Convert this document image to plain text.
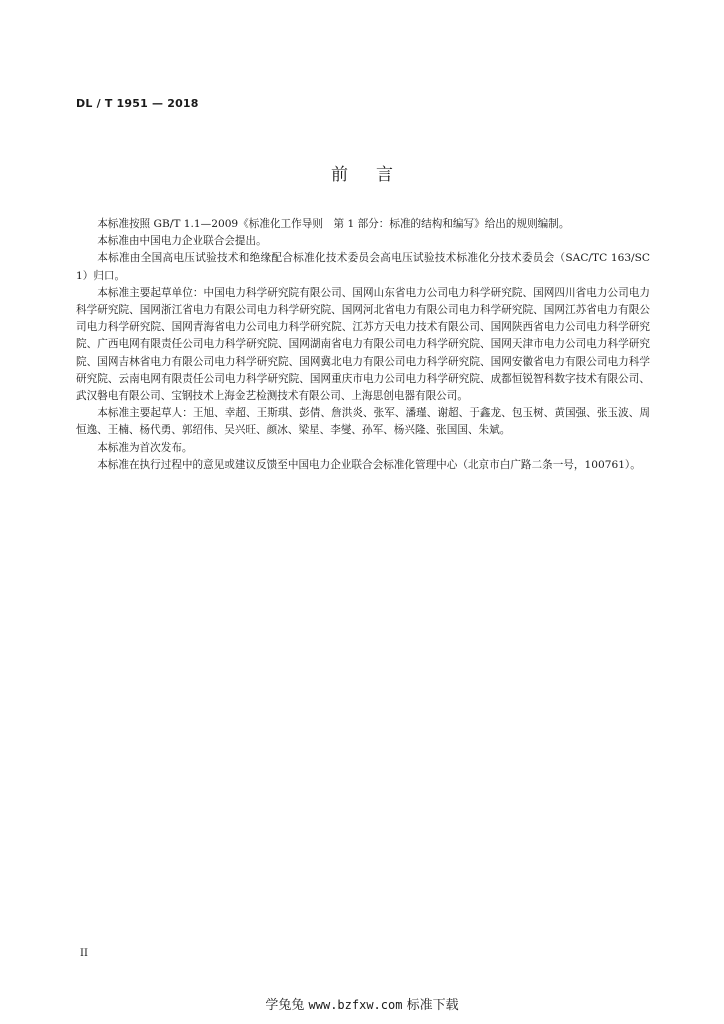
DL / T 1951 — 2018
前言

本标准按照 GB/T 1.1—2009《标准化工作导则　第 1 部分：标准的结构和编写》给出的规则编制。

本标准由中国电力企业联合会提出。

本标准由全国高电压试验技术和绝缘配合标准化技术委员会高电压试验技术标准化分技术委员会（SAC/TC 163/SC 1）归口。

本标准主要起草单位：中国电力科学研究院有限公司、国网山东省电力公司电力科学研究院、国网四川省电力公司电力科学研究院、国网浙江省电力有限公司电力科学研究院、国网河北省电力有限公司电力科学研究院、国网江苏省电力有限公司电力科学研究院、国网青海省电力公司电力科学研究院、江苏方天电力技术有限公司、国网陕西省电力公司电力科学研究院、广西电网有限责任公司电力科学研究院、国网湖南省电力有限公司电力科学研究院、国网天津市电力公司电力科学研究院、国网吉林省电力有限公司电力科学研究院、国网冀北电力有限公司电力科学研究院、国网安徽省电力有限公司电力科学研究院、云南电网有限责任公司电力科学研究院、国网重庆市电力公司电力科学研究院、成都恒锐智科数字技术有限公司、武汉磐电有限公司、宝钢技术上海金艺检测技术有限公司、上海思创电器有限公司。

本标准主要起草人：王旭、幸超、王斯琪、彭倩、詹洪炎、张军、潘瑾、谢超、于鑫龙、包玉树、黄国强、张玉波、周恒逸、王楠、杨代勇、郭绍伟、吴兴旺、颜冰、梁星、李燮、孙军、杨兴隆、张国国、朱斌。

本标准为首次发布。

本标准在执行过程中的意见或建议反馈至中国电力企业联合会标准化管理中心（北京市白广路二条一号，100761）。

II
学兔兔 www.bzfxw.com 标准下载
